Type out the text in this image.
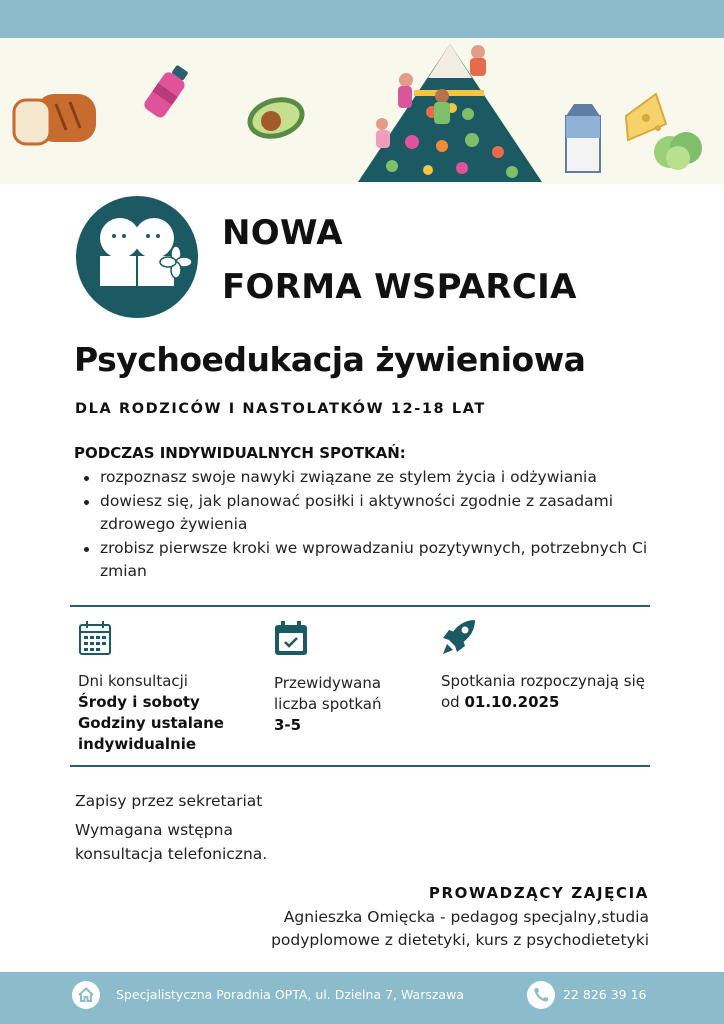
NOWA
FORMA WSPARCIA
Psychoedukacja żywieniowa
DLA RODZICÓW I NASTOLATKÓW 12-18 LAT
PODCZAS INDYWIDUALNYCH SPOTKAŃ:
rozpoznasz swoje nawyki związane ze stylem życia i odżywiania
dowiesz się, jak planować posiłki i aktywności zgodnie z zasadami zdrowego żywienia
zrobisz pierwsze kroki we wprowadzaniu pozytywnych, potrzebnych Ci zmian
Dni konsultacji
Środy i soboty
Godziny ustalane indywidualnie
Przewidywana liczba spotkań
3-5
Spotkania rozpoczynają się od 01.10.2025
Zapisy przez sekretariat
Wymagana wstępna konsultacja telefoniczna.
PROWADZĄCY ZAJĘCIA
Agnieszka Omięcka - pedagog specjalny,studia podyplomowe z dietetyki, kurs z psychodietetyki
Specjalistyczna Poradnia OPTA, ul. Dzielna 7, Warszawa	22 826 39 16
